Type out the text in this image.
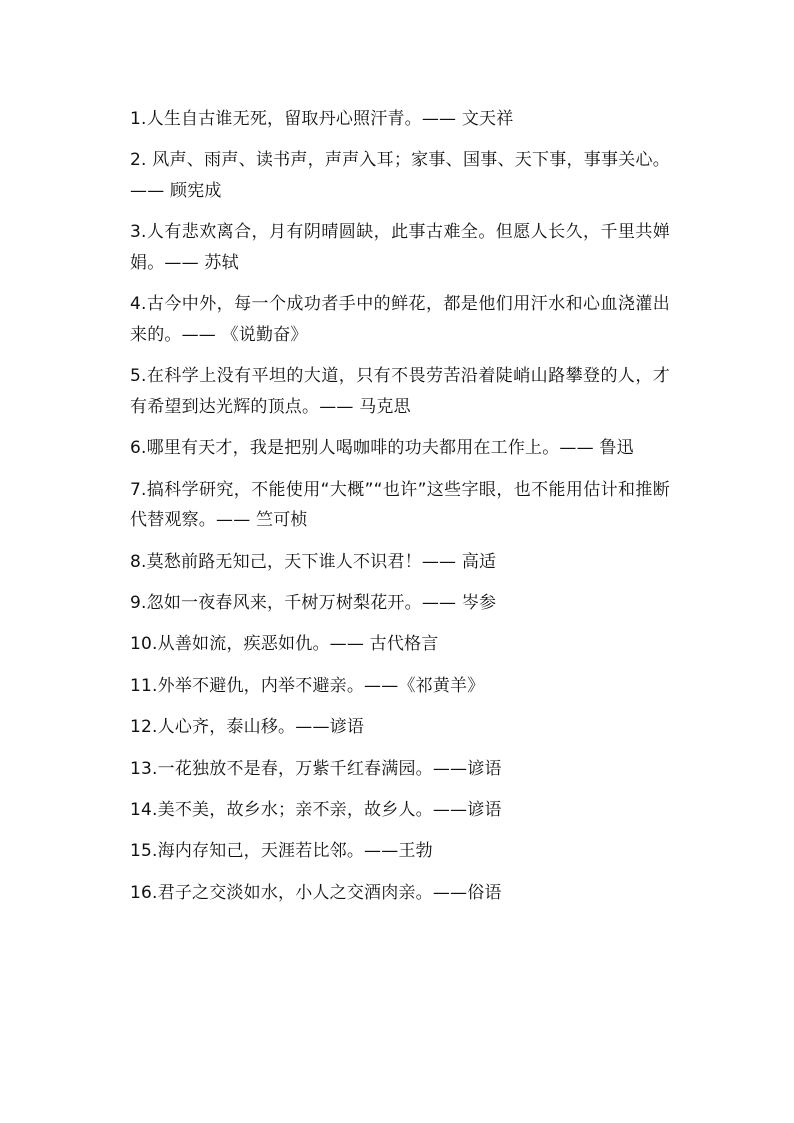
1.人生自古谁无死，留取丹心照汗青。—— 文天祥

2. 风声、雨声、读书声，声声入耳；家事、国事、天下事，事事关心。—— 顾宪成

3.人有悲欢离合，月有阴晴圆缺，此事古难全。但愿人长久，千里共婵娟。—— 苏轼

4.古今中外，每一个成功者手中的鲜花，都是他们用汗水和心血浇灌出来的。—— 《说勤奋》

5.在科学上没有平坦的大道，只有不畏劳苦沿着陡峭山路攀登的人，才有希望到达光辉的顶点。—— 马克思

6.哪里有天才，我是把别人喝咖啡的功夫都用在工作上。—— 鲁迅

7.搞科学研究，不能使用“大概”“也许”这些字眼，也不能用估计和推断代替观察。—— 竺可桢

8.莫愁前路无知己，天下谁人不识君！—— 高适

9.忽如一夜春风来，千树万树梨花开。—— 岑参

10.从善如流，疾恶如仇。—— 古代格言

11.外举不避仇，内举不避亲。——《祁黄羊》

12.人心齐，泰山移。——谚语

13.一花独放不是春，万紫千红春满园。——谚语

14.美不美，故乡水；亲不亲，故乡人。——谚语

15.海内存知己，天涯若比邻。——王勃

16.君子之交淡如水，小人之交酒肉亲。——俗语
